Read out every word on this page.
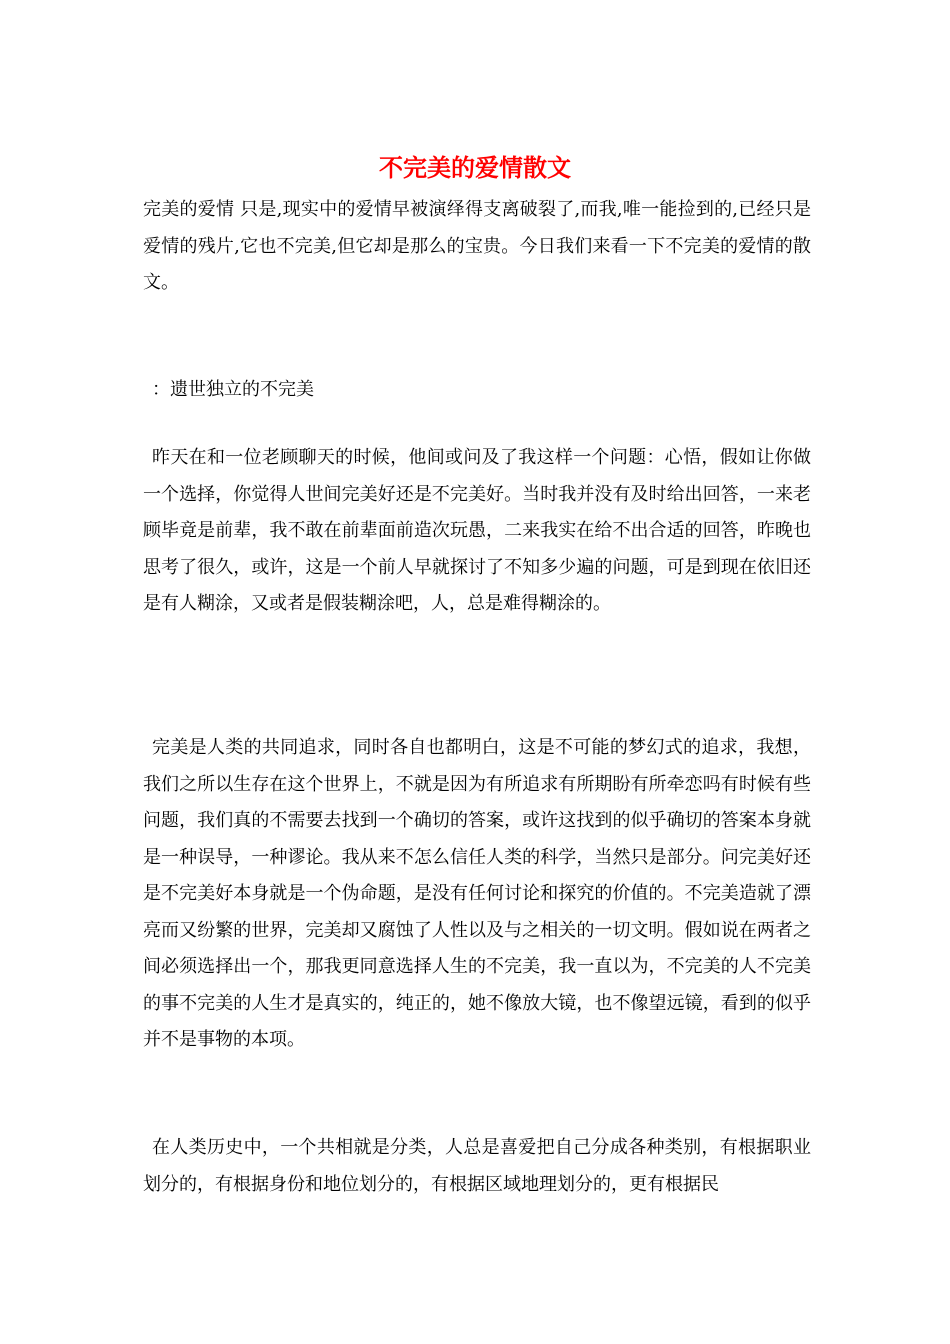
不完美的爱情散文

完美的爱情 只是,现实中的爱情早被演绎得支离破裂了,而我,唯一能捡到的,已经只是爱情的残片,它也不完美,但它却是那么的宝贵。今日我们来看一下不完美的爱情的散文。

：遗世独立的不完美

昨天在和一位老顾聊天的时候，他间或问及了我这样一个问题：心悟，假如让你做一个选择，你觉得人世间完美好还是不完美好。当时我并没有及时给出回答，一来老顾毕竟是前辈，我不敢在前辈面前造次玩愚，二来我实在给不出合适的回答，昨晚也思考了很久，或许，这是一个前人早就探讨了不知多少遍的问题，可是到现在依旧还是有人糊涂，又或者是假装糊涂吧，人，总是难得糊涂的。

完美是人类的共同追求，同时各自也都明白，这是不可能的梦幻式的追求，我想，我们之所以生存在这个世界上，不就是因为有所追求有所期盼有所牵恋吗有时候有些问题，我们真的不需要去找到一个确切的答案，或许这找到的似乎确切的答案本身就是一种误导，一种谬论。我从来不怎么信任人类的科学，当然只是部分。问完美好还是不完美好本身就是一个伪命题，是没有任何讨论和探究的价值的。不完美造就了漂亮而又纷繁的世界，完美却又腐蚀了人性以及与之相关的一切文明。假如说在两者之间必须选择出一个，那我更同意选择人生的不完美，我一直以为，不完美的人不完美的事不完美的人生才是真实的，纯正的，她不像放大镜，也不像望远镜，看到的似乎并不是事物的本项。

在人类历史中，一个共相就是分类，人总是喜爱把自己分成各种类别，有根据职业划分的，有根据身份和地位划分的，有根据区域地理划分的，更有根据民
